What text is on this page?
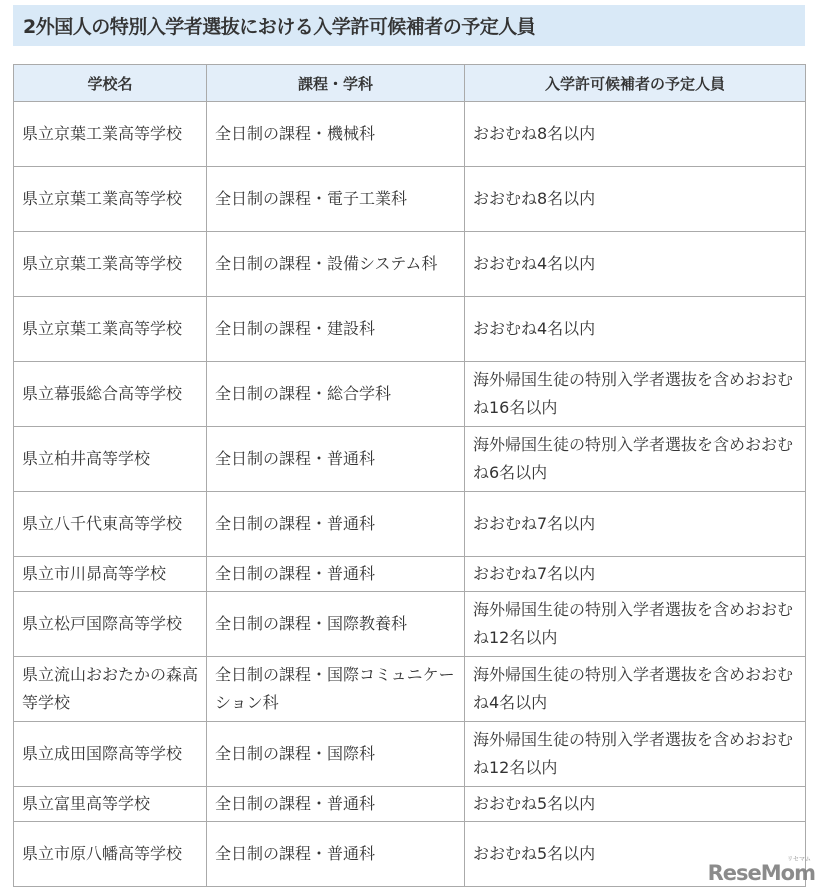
2外国人の特別入学者選抜における入学許可候補者の予定人員
学校名	課程・学科	入学許可候補者の予定人員
県立京葉工業高等学校	全日制の課程・機械科	おおむね8名以内
県立京葉工業高等学校	全日制の課程・電子工業科	おおむね8名以内
県立京葉工業高等学校	全日制の課程・設備システム科	おおむね4名以内
県立京葉工業高等学校	全日制の課程・建設科	おおむね4名以内
県立幕張総合高等学校	全日制の課程・総合学科	海外帰国生徒の特別入学者選抜を含めおおむね16名以内
県立柏井高等学校	全日制の課程・普通科	海外帰国生徒の特別入学者選抜を含めおおむね6名以内
県立八千代東高等学校	全日制の課程・普通科	おおむね7名以内
県立市川昴高等学校	全日制の課程・普通科	おおむね7名以内
県立松戸国際高等学校	全日制の課程・国際教養科	海外帰国生徒の特別入学者選抜を含めおおむね12名以内
県立流山おおたかの森高等学校	全日制の課程・国際コミュニケーション科	海外帰国生徒の特別入学者選抜を含めおおむね4名以内
県立成田国際高等学校	全日制の課程・国際科	海外帰国生徒の特別入学者選抜を含めおおむね12名以内
県立富里高等学校	全日制の課程・普通科	おおむね5名以内
県立市原八幡高等学校	全日制の課程・普通科	おおむね5名以内
ReseMom
リセマム
